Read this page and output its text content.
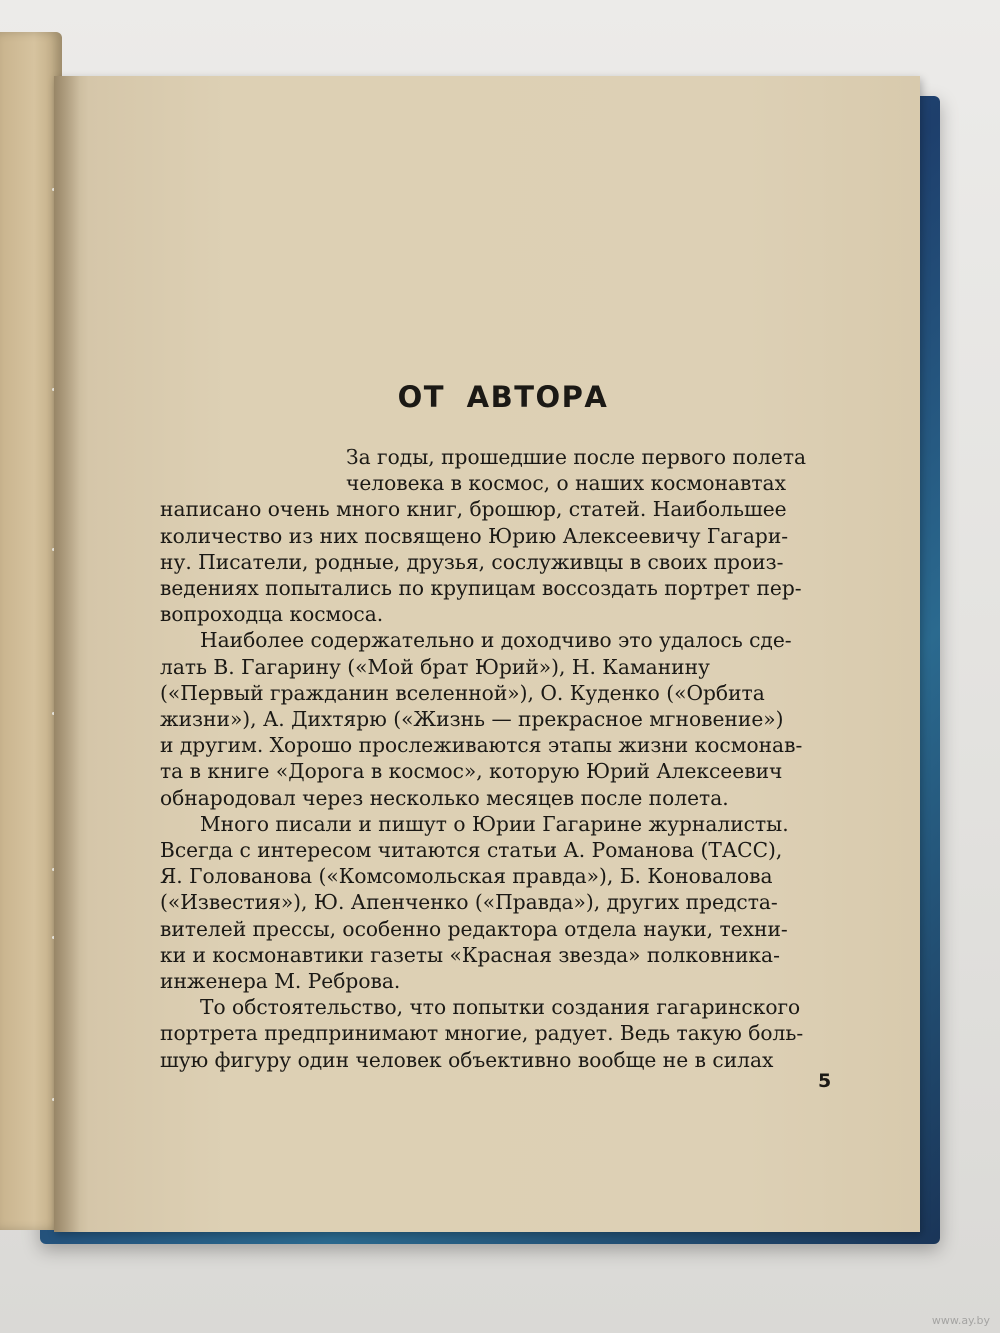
ОТ АВТОРА

За годы, прошедшие после первого полета
человека в космос, о наших космонавтах
написано очень много книг, брошюр, статей. Наибольшее
количество из них посвящено Юрию Алексеевичу Гагари-
ну. Писатели, родные, друзья, сослуживцы в своих произ-
ведениях попытались по крупицам воссоздать портрет пер-
вопроходца космоса.

Наиболее содержательно и доходчиво это удалось сде-
лать В. Гагарину («Мой брат Юрий»), Н. Каманину
(«Первый гражданин вселенной»), О. Куденко («Орбита
жизни»), А. Дихтярю («Жизнь — прекрасное мгновение»)
и другим. Хорошо прослеживаются этапы жизни космонав-
та в книге «Дорога в космос», которую Юрий Алексеевич
обнародовал через несколько месяцев после полета.

Много писали и пишут о Юрии Гагарине журналисты.
Всегда с интересом читаются статьи А. Романова (ТАСС),
Я. Голованова («Комсомольская правда»), Б. Коновалова
(«Известия»), Ю. Апенченко («Правда»), других предста-
вителей прессы, особенно редактора отдела науки, техни-
ки и космонавтики газеты «Красная звезда» полковника-
инженера М. Реброва.

То обстоятельство, что попытки создания гагаринского
портрета предпринимают многие, радует. Ведь такую боль-
шую фигуру один человек объективно вообще не в силах

5
www.ay.by
